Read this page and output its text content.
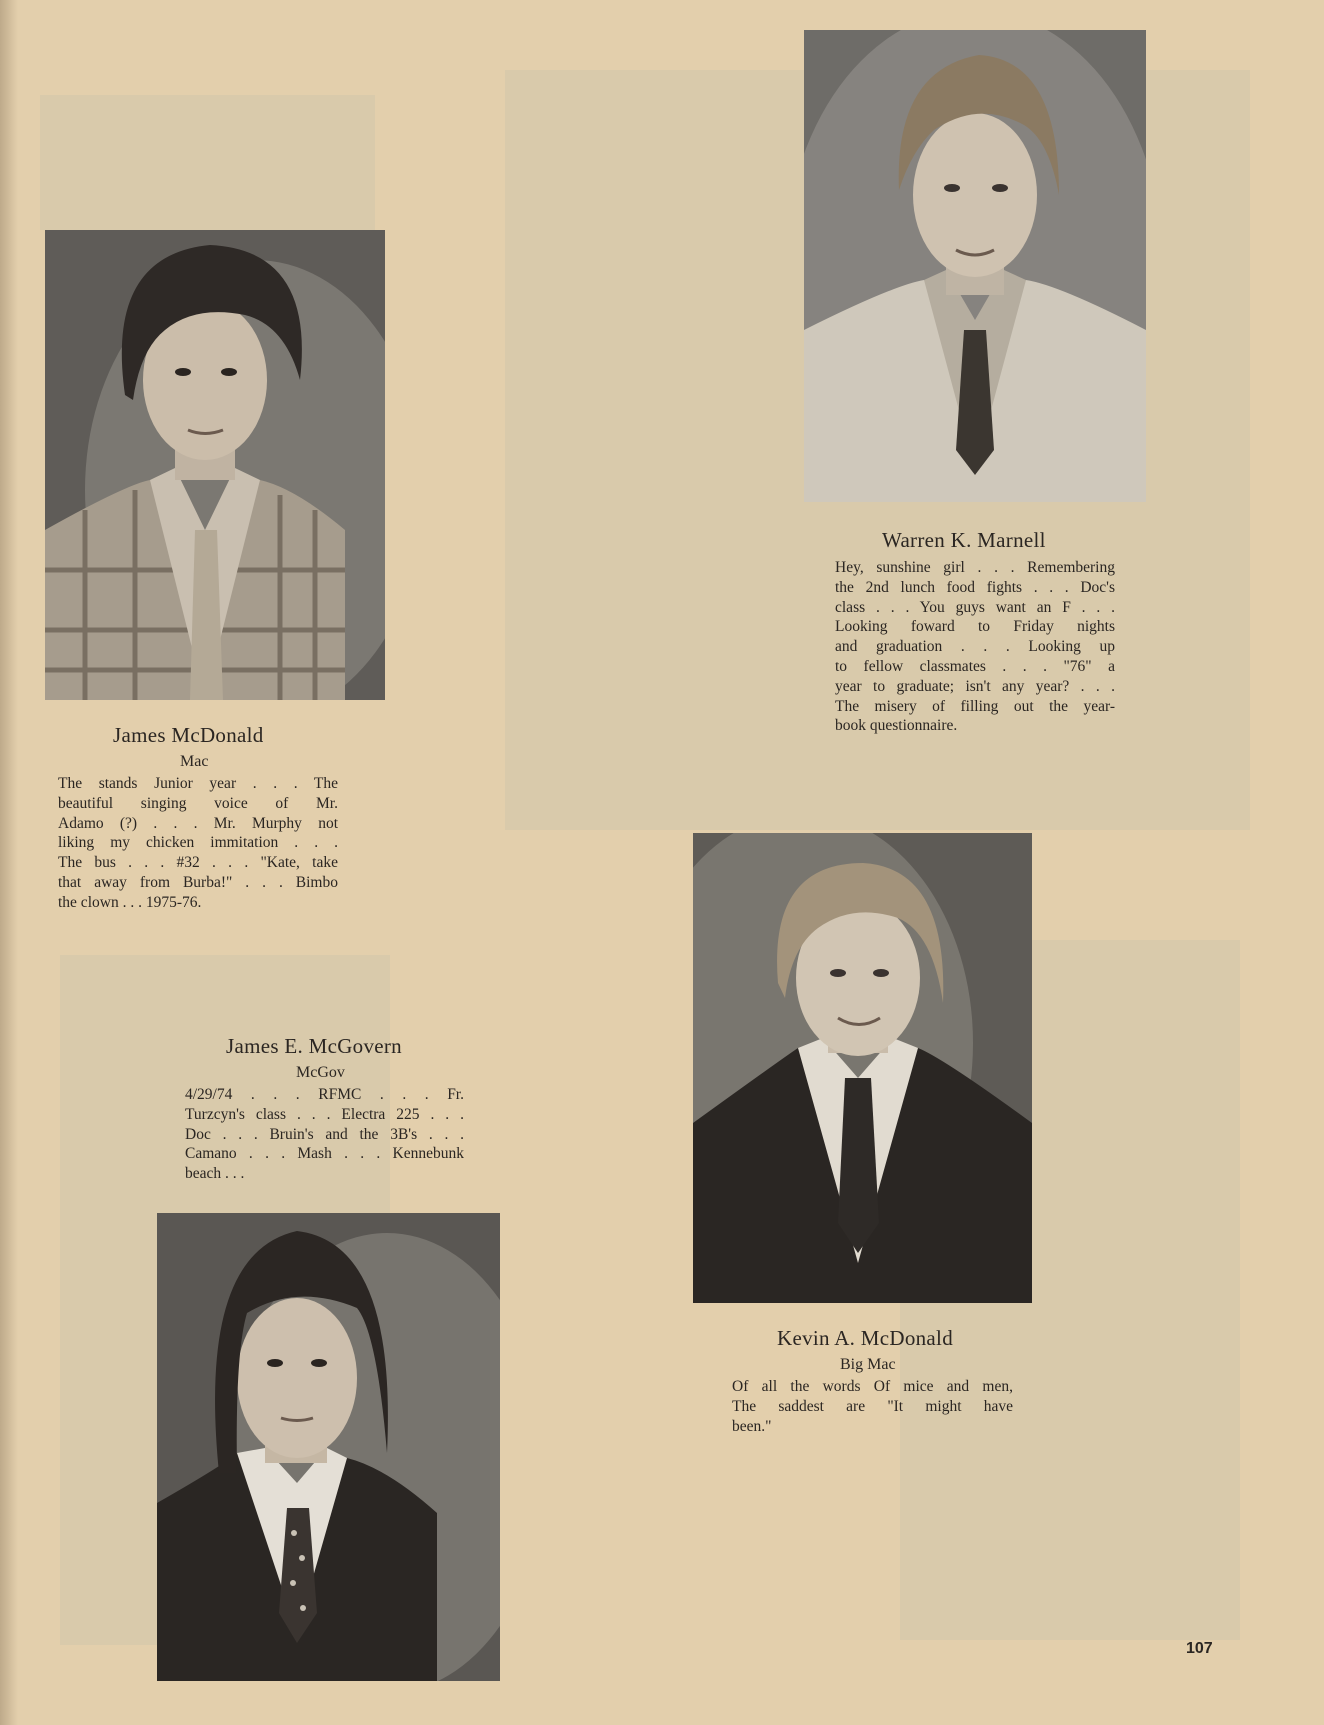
Warren K. Marnell
Hey, sunshine girl . . . Remembering
the 2nd lunch food fights . . . Doc's
class . . . You guys want an F . . .
Looking foward to Friday nights
and graduation . . . Looking up
to fellow classmates . . . "76" a
year to graduate; isn't any year? . . .
The misery of filling out the year-
book questionnaire.
James McDonald
Mac
The stands Junior year . . . The
beautiful singing voice of Mr.
Adamo (?) . . . Mr. Murphy not
liking my chicken immitation . . .
The bus . . . #32 . . . "Kate, take
that away from Burba!" . . . Bimbo
the clown . . . 1975-76.
James E. McGovern
McGov
4/29/74 . . . RFMC . . . Fr.
Turzcyn's class . . . Electra 225 . . .
Doc . . . Bruin's and the 3B's . . .
Camano . . . Mash . . . Kennebunk
beach . . .
Kevin A. McDonald
Big Mac
Of all the words Of mice and men,
The saddest are "It might have
been."
107
